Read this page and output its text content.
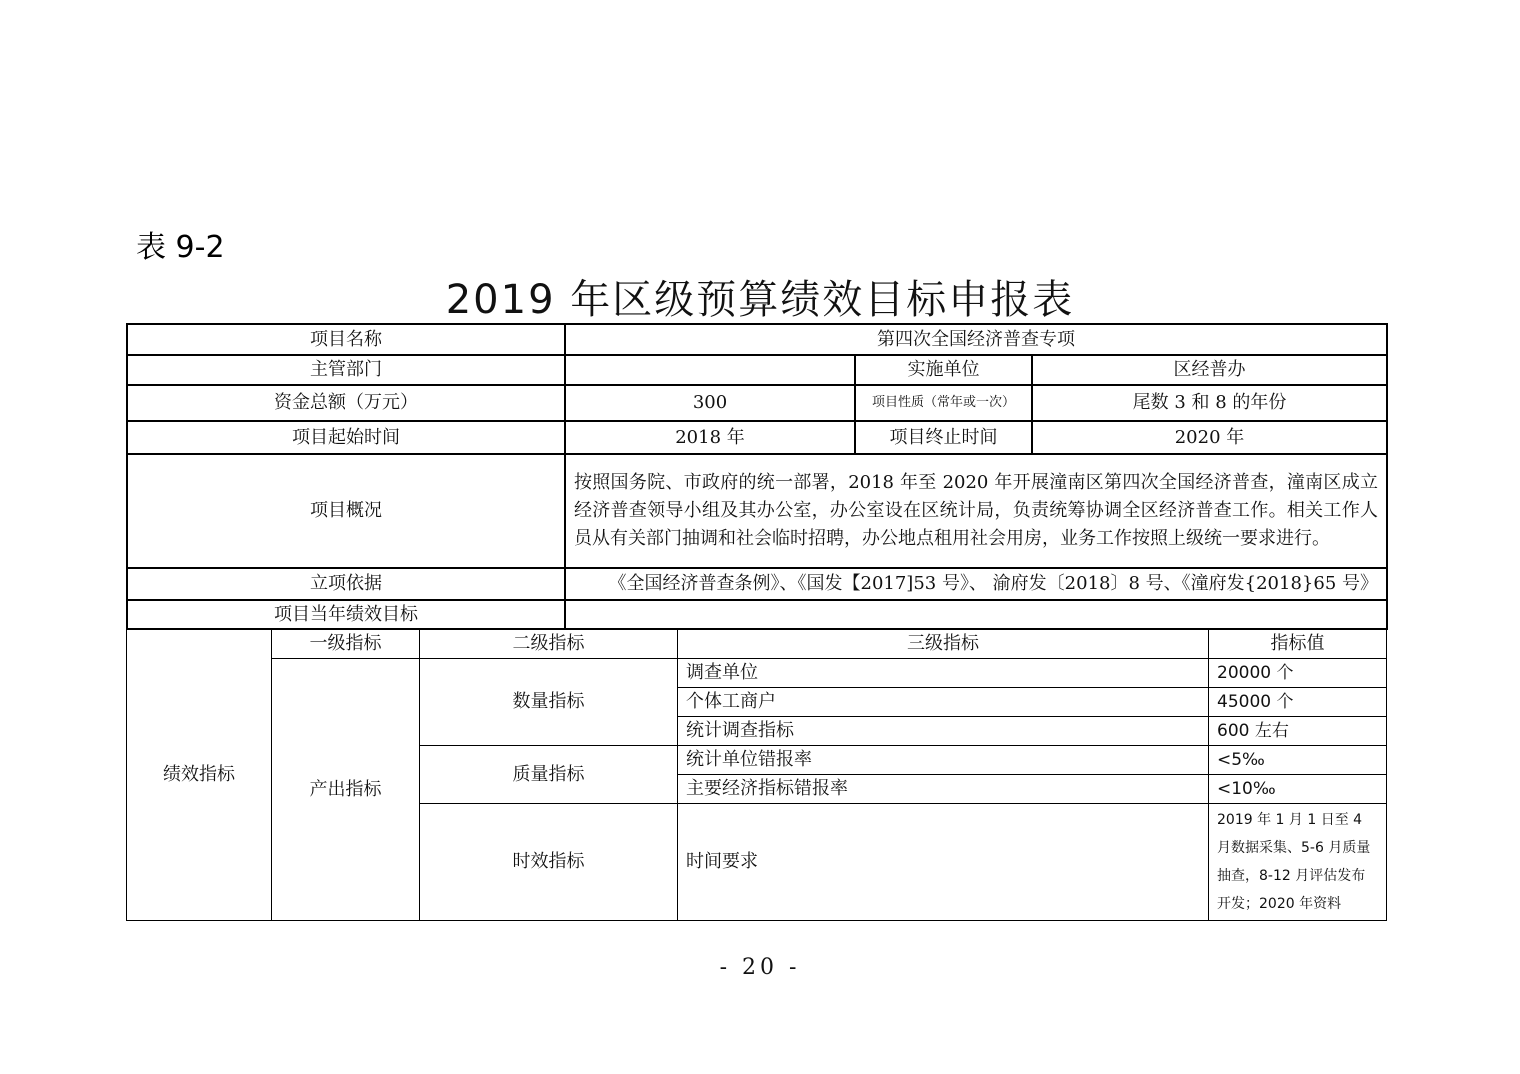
表 9-2
2019 年区级预算绩效目标申报表
项目名称	第四次全国经济普查专项		
主管部门		实施单位	区经普办
资金总额（万元）	300	项目性质（常年或一次）	尾数 3 和 8 的年份
项目起始时间	2018 年	项目终止时间	2020 年
项目概况	按照国务院、市政府的统一部署，2018 年至 2020 年开展潼南区第四次全国经济普查，潼南区成立经济普查领导小组及其办公室，办公室设在区统计局，负责统筹协调全区经济普查工作。相关工作人员从有关部门抽调和社会临时招聘，办公地点租用社会用房，业务工作按照上级统一要求进行。		
立项依据	《全国经济普查条例》、《国发【2017]53 号》、 渝府发〔2018〕8 号、《潼府发{2018}65 号》		
项目当年绩效目标			
绩效指标	一级指标	二级指标	三级指标	指标值
	产出指标	数量指标	调查单位	20000 个
			个体工商户	45000 个
			统计调查指标	600 左右
		质量指标	统计单位错报率	<5‰
			主要经济指标错报率	<10‰
		时效指标	时间要求	2019 年 1 月 1 日至 4 月数据采集、5-6 月质量抽查，8-12 月评估发布开发；2020 年资料
- 20 -
